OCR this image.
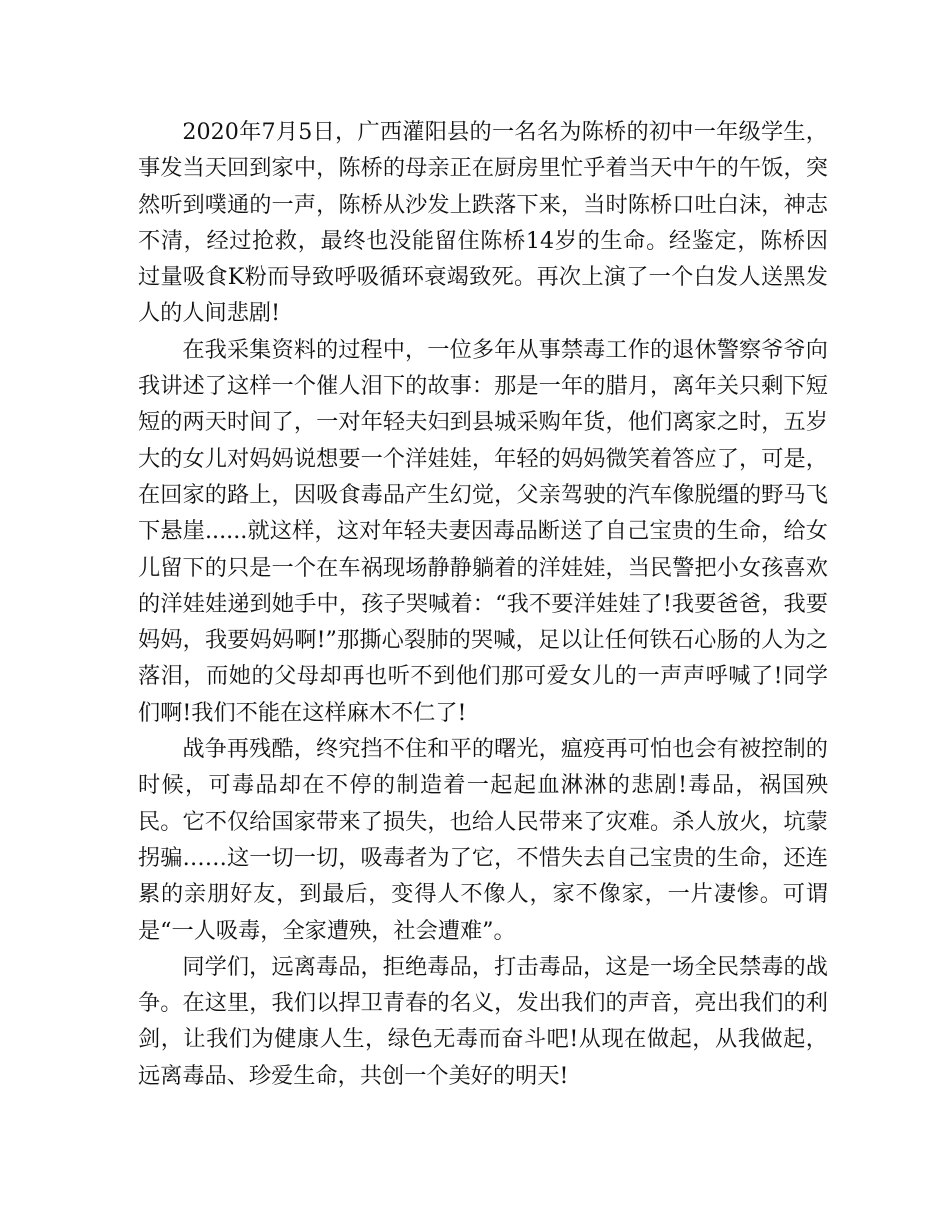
2020年7月5日，广西灌阳县的一名名为陈桥的初中一年级学生，事发当天回到家中，陈桥的母亲正在厨房里忙乎着当天中午的午饭，突然听到噗通的一声，陈桥从沙发上跌落下来，当时陈桥口吐白沫，神志不清，经过抢救，最终也没能留住陈桥14岁的生命。经鉴定，陈桥因过量吸食K粉而导致呼吸循环衰竭致死。再次上演了一个白发人送黑发人的人间悲剧!

在我采集资料的过程中，一位多年从事禁毒工作的退休警察爷爷向我讲述了这样一个催人泪下的故事：那是一年的腊月，离年关只剩下短短的两天时间了，一对年轻夫妇到县城采购年货，他们离家之时，五岁大的女儿对妈妈说想要一个洋娃娃，年轻的妈妈微笑着答应了，可是，在回家的路上，因吸食毒品产生幻觉，父亲驾驶的汽车像脱缰的野马飞下悬崖......就这样，这对年轻夫妻因毒品断送了自己宝贵的生命，给女儿留下的只是一个在车祸现场静静躺着的洋娃娃，当民警把小女孩喜欢的洋娃娃递到她手中，孩子哭喊着：“我不要洋娃娃了!我要爸爸，我要妈妈，我要妈妈啊!”那撕心裂肺的哭喊，足以让任何铁石心肠的人为之落泪，而她的父母却再也听不到他们那可爱女儿的一声声呼喊了!同学们啊!我们不能在这样麻木不仁了!

战争再残酷，终究挡不住和平的曙光，瘟疫再可怕也会有被控制的时候，可毒品却在不停的制造着一起起血淋淋的悲剧!毒品，祸国殃民。它不仅给国家带来了损失，也给人民带来了灾难。杀人放火，坑蒙拐骗……这一切一切，吸毒者为了它，不惜失去自己宝贵的生命，还连累的亲朋好友，到最后，变得人不像人，家不像家，一片凄惨。可谓是“一人吸毒，全家遭殃，社会遭难”。

同学们，远离毒品，拒绝毒品，打击毒品，这是一场全民禁毒的战争。在这里，我们以捍卫青春的名义，发出我们的声音，亮出我们的利剑，让我们为健康人生，绿色无毒而奋斗吧!从现在做起，从我做起，远离毒品、珍爱生命，共创一个美好的明天!
